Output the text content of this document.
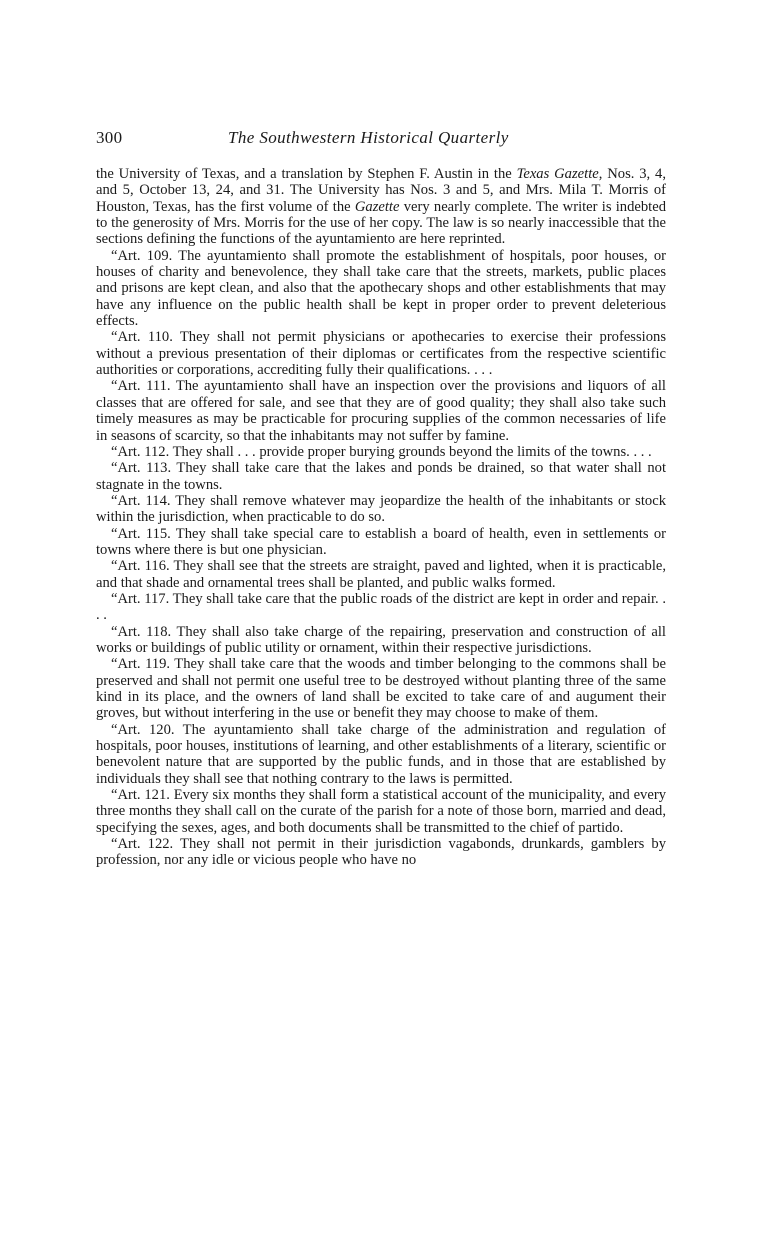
300	The Southwestern Historical Quarterly

the University of Texas, and a translation by Stephen F. Austin in the Texas Gazette, Nos. 3, 4, and 5, October 13, 24, and 31. The University has Nos. 3 and 5, and Mrs. Mila T. Morris of Houston, Texas, has the first volume of the Gazette very nearly complete. The writer is indebted to the generosity of Mrs. Morris for the use of her copy. The law is so nearly inaccessible that the sections defining the functions of the ayuntamiento are here reprinted.

“Art. 109. The ayuntamiento shall promote the establishment of hospitals, poor houses, or houses of charity and benevolence, they shall take care that the streets, markets, public places and prisons are kept clean, and also that the apothecary shops and other establishments that may have any influence on the public health shall be kept in proper order to prevent deleterious effects.

“Art. 110. They shall not permit physicians or apothecaries to exercise their professions without a previous presentation of their diplomas or certificates from the respective scientific authorities or corporations, accrediting fully their qualifications. . . .

“Art. 111. The ayuntamiento shall have an inspection over the provisions and liquors of all classes that are offered for sale, and see that they are of good quality; they shall also take such timely measures as may be practicable for procuring supplies of the common necessaries of life in seasons of scarcity, so that the inhabitants may not suffer by famine.

“Art. 112. They shall . . . provide proper burying grounds beyond the limits of the towns. . . .

“Art. 113. They shall take care that the lakes and ponds be drained, so that water shall not stagnate in the towns.

“Art. 114. They shall remove whatever may jeopardize the health of the inhabitants or stock within the jurisdiction, when practicable to do so.

“Art. 115. They shall take special care to establish a board of health, even in settlements or towns where there is but one physician.

“Art. 116. They shall see that the streets are straight, paved and lighted, when it is practicable, and that shade and ornamental trees shall be planted, and public walks formed.

“Art. 117. They shall take care that the public roads of the district are kept in order and repair. . . .

“Art. 118. They shall also take charge of the repairing, preservation and construction of all works or buildings of public utility or ornament, within their respective jurisdictions.

“Art. 119. They shall take care that the woods and timber belonging to the commons shall be preserved and shall not permit one useful tree to be destroyed without planting three of the same kind in its place, and the owners of land shall be excited to take care of and augument their groves, but without interfering in the use or benefit they may choose to make of them.

“Art. 120. The ayuntamiento shall take charge of the administration and regulation of hospitals, poor houses, institutions of learning, and other establishments of a literary, scientific or benevolent nature that are supported by the public funds, and in those that are established by individuals they shall see that nothing contrary to the laws is permitted.

“Art. 121. Every six months they shall form a statistical account of the municipality, and every three months they shall call on the curate of the parish for a note of those born, married and dead, specifying the sexes, ages, and both documents shall be transmitted to the chief of partido.

“Art. 122. They shall not permit in their jurisdiction vagabonds, drunkards, gamblers by profession, nor any idle or vicious people who have no
